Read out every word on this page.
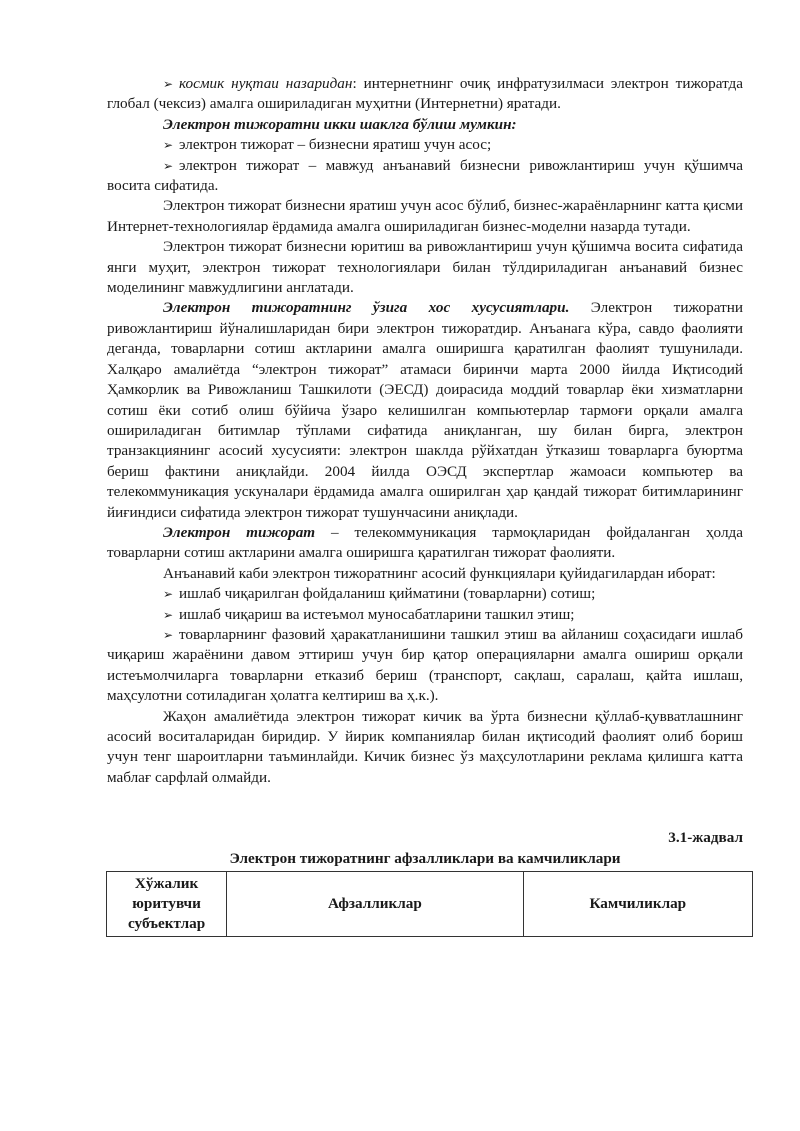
➢ космик нуқтаи назаридан: интернетнинг очиқ инфратузилмаси электрон тижоратда глобал (чексиз) амалга ошириладиган муҳитни (Интернетни) яратади.

Электрон тижоратни икки шаклга бўлиш мумкин:

➢ электрон тижорат – бизнесни яратиш учун асос;

➢ электрон тижорат – мавжуд анъанавий бизнесни ривожлантириш учун қўшимча восита сифатида.

Электрон тижорат бизнесни яратиш учун асос бўлиб, бизнес-жараёнларнинг катта қисми Интернет-технологиялар ёрдамида амалга ошириладиган бизнес-моделни назарда тутади.

Электрон тижорат бизнесни юритиш ва ривожлантириш учун қўшимча восита сифатида янги муҳит, электрон тижорат технологиялари билан тўлдириладиган анъанавий бизнес моделининг мавжудлигини англатади.

Электрон тижоратнинг ўзига хос хусусиятлари. Электрон тижоратни ривожлантириш йўналишларидан бири электрон тижоратдир. Анъанага кўра, савдо фаолияти деганда, товарларни сотиш актларини амалга оширишга қаратилган фаолият тушунилади. Халқаро амалиётда “электрон тижорат” атамаси биринчи марта 2000 йилда Иқтисодий Ҳамкорлик ва Ривожланиш Ташкилоти (ЭЕСД) доирасида моддий товарлар ёки хизматларни сотиш ёки сотиб олиш бўйича ўзаро келишилган компьютерлар тармоғи орқали амалга ошириладиган битимлар тўплами сифатида аниқланган, шу билан бирга, электрон транзакциянинг асосий хусусияти: электрон шаклда рўйхатдан ўтказиш товарларга буюртма бериш фактини аниқлайди. 2004 йилда ОЭСД экспертлар жамоаси компьютер ва телекоммуникация ускуналари ёрдамида амалга оширилган ҳар қандай тижорат битимларининг йиғиндиси сифатида электрон тижорат тушунчасини аниқлади.

Электрон тижорат – телекоммуникация тармоқларидан фойдаланган ҳолда товарларни сотиш актларини амалга оширишга қаратилган тижорат фаолияти.

Анъанавий каби электрон тижоратнинг асосий функциялари қуйидагилардан иборат:

➢ ишлаб чиқарилган фойдаланиш қийматини (товарларни) сотиш;

➢ ишлаб чиқариш ва истеъмол муносабатларини ташкил этиш;

➢ товарларнинг фазовий ҳаракатланишини ташкил этиш ва айланиш соҳасидаги ишлаб чиқариш жараёнини давом эттириш учун бир қатор операцияларни амалга ошириш орқали истеъмолчиларга товарларни етказиб бериш (транспорт, сақлаш, саралаш, қайта ишлаш, маҳсулотни сотиладиган ҳолатга келтириш ва ҳ.к.).

Жаҳон амалиётида электрон тижорат кичик ва ўрта бизнесни қўллаб-қувватлашнинг асосий воситаларидан биридир. У йирик компаниялар билан иқтисодий фаолият олиб бориш учун тенг шароитларни таъминлайди. Кичик бизнес ўз маҳсулотларини реклама қилишга катта маблағ сарфлай олмайди.

3.1-жадвал

Электрон тижоратнинг афзалликлари ва камчиликлари

Хўжалик юритувчи субъектлар	Афзалликлар	Камчиликлар
